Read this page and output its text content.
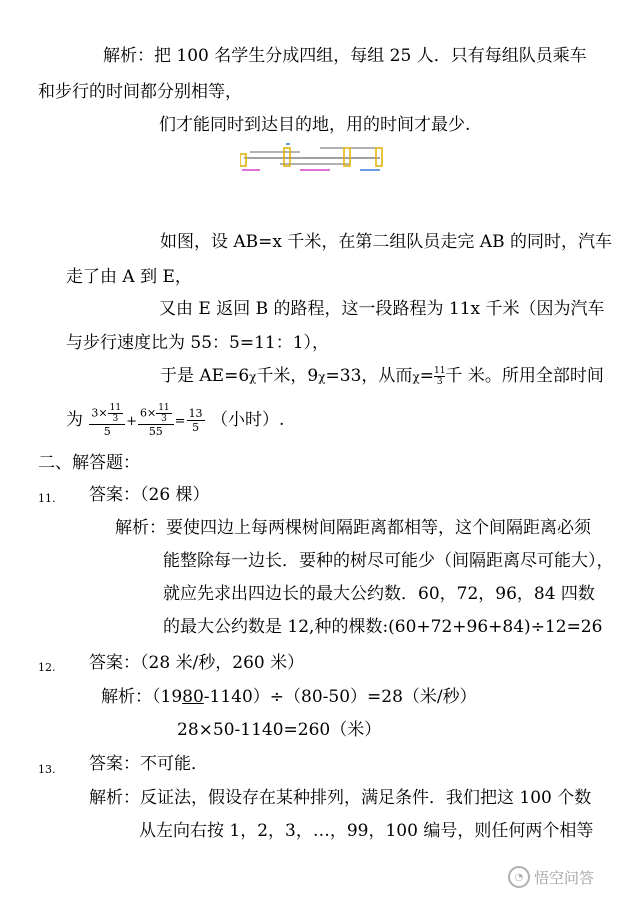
解析：把 100 名学生分成四组，每组 25 人．只有每组队员乘车
和步行的时间都分别相等，
们才能同时到达目的地，用的时间才最少.
如图，设 AB=x 千米，在第二组队员走完 AB 的同时，汽车
走了由 A 到 E，
又由 E 返回 B 的路程，这一段路程为 11x 千米（因为汽车
与步行速度比为 55：5=11：1），
于是 AE=6χ千米，9χ=33，从而$\chi= \frac{11}{3}$千 米。所用全部时间
为 $\frac{3\times \frac{11}{3}}{5} + \frac{6\times \frac{11}{3}}{55} = \frac{13}{5}$ （小时）.
二、解答题：
11. 答案：（26 棵）
解析：要使四边上每两棵树间隔距离都相等，这个间隔距离必须
能整除每一边长．要种的树尽可能少（间隔距离尽可能大），
就应先求出四边长的最大公约数．60，72，96，84 四数
的最大公约数是 12,种的棵数:(60+72+96+84)÷12=26
12. 答案：（28 米/秒，260 米）
解析：（1980-1140）÷（80-50）=28（米/秒）
28×50-1140=260（米）
13. 答案：不可能．
解析：反证法，假设存在某种排列，满足条件．我们把这 100 个数
从左向右按 1，2，3，…，99，100 编号，则任何两个相等
◔ 悟空问答
